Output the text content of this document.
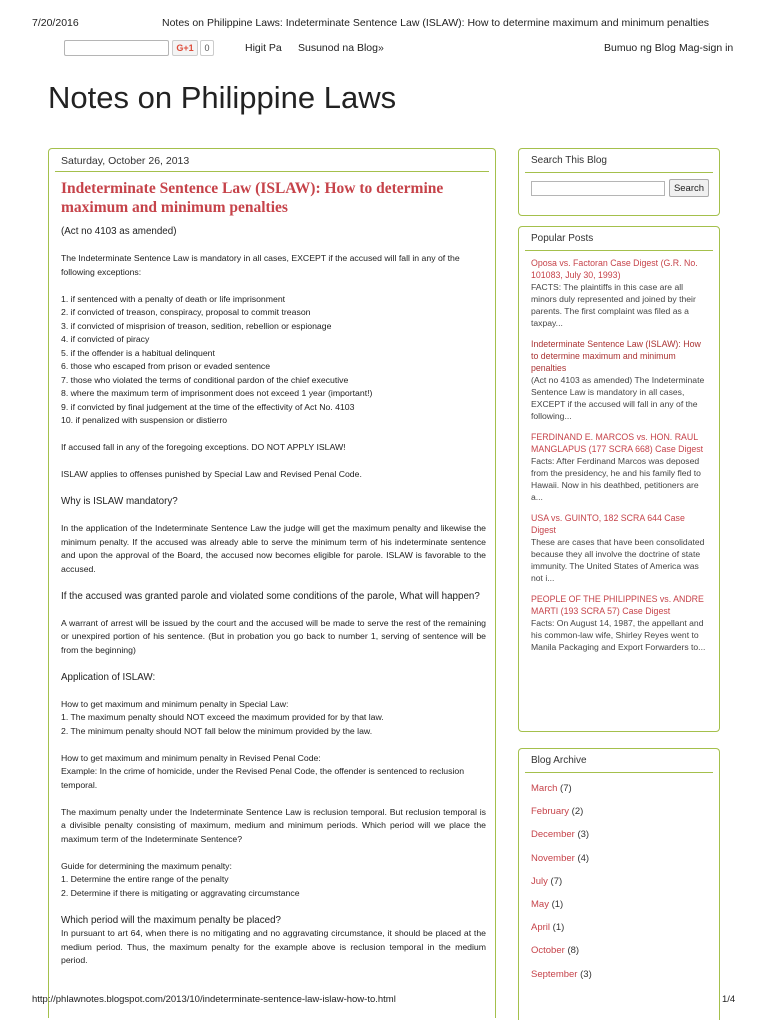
7/20/2016	Notes on Philippine Laws: Indeterminate Sentence Law (ISLAW): How to determine maximum and minimum penalties
G+1	0	Higit Pa Susunod na Blog»	Bumuo ng Blog Mag-sign in
Notes on Philippine Laws
Saturday, October 26, 2013
Indeterminate Sentence Law (ISLAW): How to determine maximum and minimum penalties

(Act no 4103 as amended)

The Indeterminate Sentence Law is mandatory in all cases, EXCEPT if the accused will fall in any of the following exceptions:

1. if sentenced with a penalty of death or life imprisonment
2. if convicted of treason, conspiracy, proposal to commit treason
3. if convicted of misprision of treason, sedition, rebellion or espionage
4. if convicted of piracy
5. if the offender is a habitual delinquent
6. those who escaped from prison or evaded sentence
7. those who violated the terms of conditional pardon of the chief executive
8. where the maximum term of imprisonment does not exceed 1 year (important!)
9. if convicted by final judgement at the time of the effectivity of Act No. 4103
10. if penalized with suspension or distierro

If accused fall in any of the foregoing exceptions. DO NOT APPLY ISLAW!

ISLAW applies to offenses punished by Special Law and Revised Penal Code.

Why is ISLAW mandatory?

In the application of the Indeterminate Sentence Law the judge will get the maximum penalty and likewise the minimum penalty. If the accused was already able to serve the minimum term of his indeterminate sentence and upon the approval of the Board, the accused now becomes eligible for parole. ISLAW is favorable to the accused.

If the accused was granted parole and violated some conditions of the parole, What will happen?

A warrant of arrest will be issued by the court and the accused will be made to serve the rest of the remaining or unexpired portion of his sentence. (But in probation you go back to number 1, serving of sentence will be from the beginning)

Application of ISLAW:

How to get maximum and minimum penalty in Special Law:
1. The maximum penalty should NOT exceed the maximum provided for by that law.
2. The minimum penalty should NOT fall below the minimum provided by the law.

How to get maximum and minimum penalty in Revised Penal Code:
Example: In the crime of homicide, under the Revised Penal Code, the offender is sentenced to reclusion temporal.

The maximum penalty under the Indeterminate Sentence Law is reclusion temporal. But reclusion temporal is a divisible penalty consisting of maximum, medium and minimum periods. Which period will we place the maximum term of the Indeterminate Sentence?

Guide for determining the maximum penalty:
1. Determine the entire range of the penalty
2. Determine if there is mitigating or aggravating circumstance

Which period will the maximum penalty be placed?
In pursuant to art 64, when there is no mitigating and no aggravating circumstance, it should be placed at the medium period. Thus, the maximum penalty for the example above is reclusion temporal in the medium period.

Search This Blog
Search
Popular Posts
Oposa vs. Factoran Case Digest (G.R. No. 101083, July 30, 1993)
FACTS: The plaintiffs in this case are all minors duly represented and joined by their parents. The first complaint was filed as a taxpay...
Indeterminate Sentence Law (ISLAW): How to determine maximum and minimum penalties
(Act no 4103 as amended) The Indeterminate Sentence Law is mandatory in all cases, EXCEPT if the accused will fall in any of the following...
FERDINAND E. MARCOS vs. HON. RAUL MANGLAPUS (177 SCRA 668) Case Digest
Facts: After Ferdinand Marcos was deposed from the presidency, he and his family fled to Hawaii. Now in his deathbed, petitioners are a...
USA vs. GUINTO, 182 SCRA 644 Case Digest
These are cases that have been consolidated because they all involve the doctrine of state immunity. The United States of America was not i...
PEOPLE OF THE PHILIPPINES vs. ANDRE MARTI (193 SCRA 57) Case Digest
Facts: On August 14, 1987, the appellant and his common-law wife, Shirley Reyes went to Manila Packaging and Export Forwarders to...
Blog Archive
March (7)
February (2)
December (3)
November (4)
July (7)
May (1)
April (1)
October (8)
September (3)
http://phlawnotes.blogspot.com/2013/10/indeterminate-sentence-law-islaw-how-to.html	1/4
